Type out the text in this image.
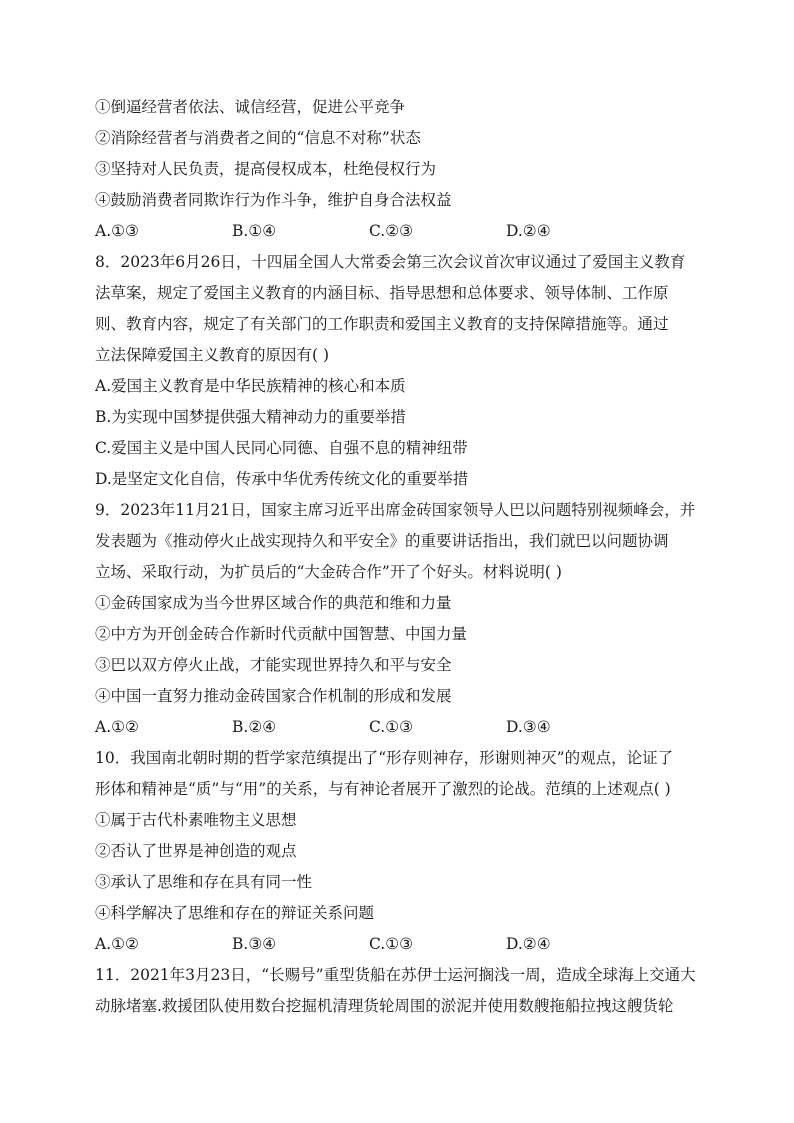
①倒逼经营者依法、诚信经营，促进公平竞争
②消除经营者与消费者之间的“信息不对称”状态
③坚持对人民负责，提高侵权成本，杜绝侵权行为
④鼓励消费者同欺诈行为作斗争，维护自身合法权益
A.①③	B.①④	C.②③	D.②④
8．2023年6月26日，十四届全国人大常委会第三次会议首次审议通过了爱国主义教育
法草案，规定了爱国主义教育的内涵目标、指导思想和总体要求、领导体制、工作原
则、教育内容，规定了有关部门的工作职责和爱国主义教育的支持保障措施等。通过
立法保障爱国主义教育的原因有( )
A.爱国主义教育是中华民族精神的核心和本质
B.为实现中国梦提供强大精神动力的重要举措
C.爱国主义是中国人民同心同德、自强不息的精神纽带
D.是坚定文化自信，传承中华优秀传统文化的重要举措
9．2023年11月21日，国家主席习近平出席金砖国家领导人巴以问题特别视频峰会，并
发表题为《推动停火止战实现持久和平安全》的重要讲话指出，我们就巴以问题协调
立场、采取行动，为扩员后的“大金砖合作”开了个好头。材料说明( )
①金砖国家成为当今世界区域合作的典范和维和力量
②中方为开创金砖合作新时代贡献中国智慧、中国力量
③巴以双方停火止战，才能实现世界持久和平与安全
④中国一直努力推动金砖国家合作机制的形成和发展
A.①②	B.②④	C.①③	D.③④
10．我国南北朝时期的哲学家范缜提出了“形存则神存，形谢则神灭”的观点，论证了
形体和精神是“质”与“用”的关系，与有神论者展开了激烈的论战。范缜的上述观点( )
①属于古代朴素唯物主义思想
②否认了世界是神创造的观点
③承认了思维和存在具有同一性
④科学解决了思维和存在的辩证关系问题
A.①②	B.③④	C.①③	D.②④
11．2021年3月23日，“长赐号”重型货船在苏伊士运河搁浅一周，造成全球海上交通大
动脉堵塞.救援团队使用数台挖掘机清理货轮周围的淤泥并使用数艘拖船拉拽这艘货轮
